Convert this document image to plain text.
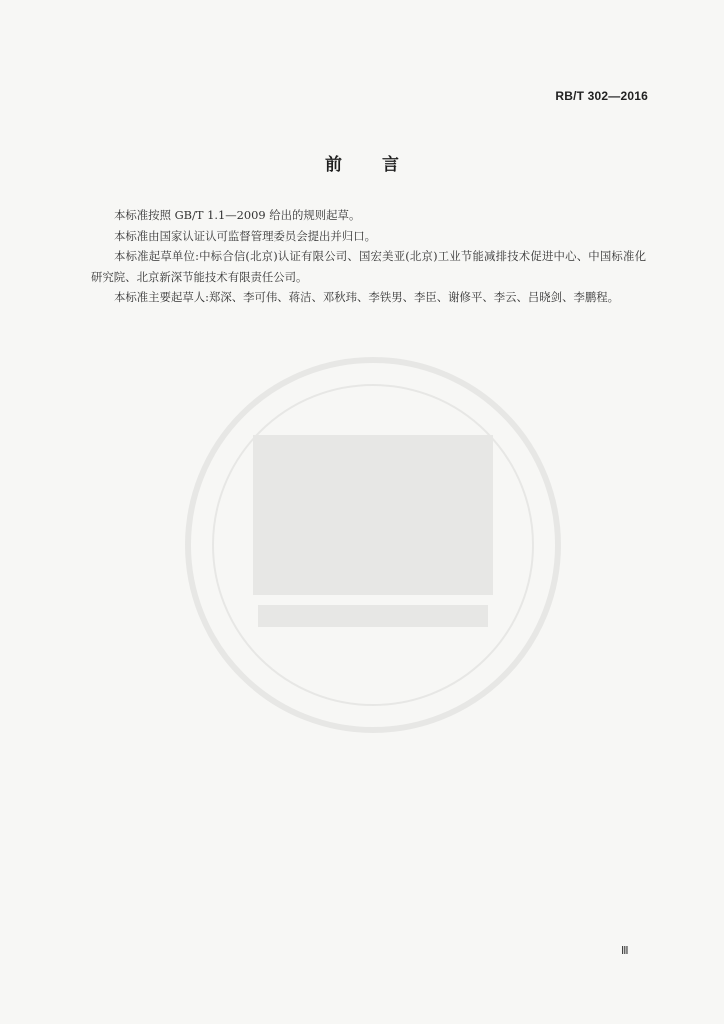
RB/T 302—2016
前言

本标准按照 GB/T 1.1—2009 给出的规则起草。

本标准由国家认证认可监督管理委员会提出并归口。

本标准起草单位:中标合信(北京)认证有限公司、国宏美亚(北京)工业节能减排技术促进中心、中国标准化研究院、北京新深节能技术有限责任公司。

本标准主要起草人:郑深、李可伟、蒋洁、邓秋玮、李铁男、李臣、谢修平、李云、吕晓剑、李鹏程。

Ⅲ
